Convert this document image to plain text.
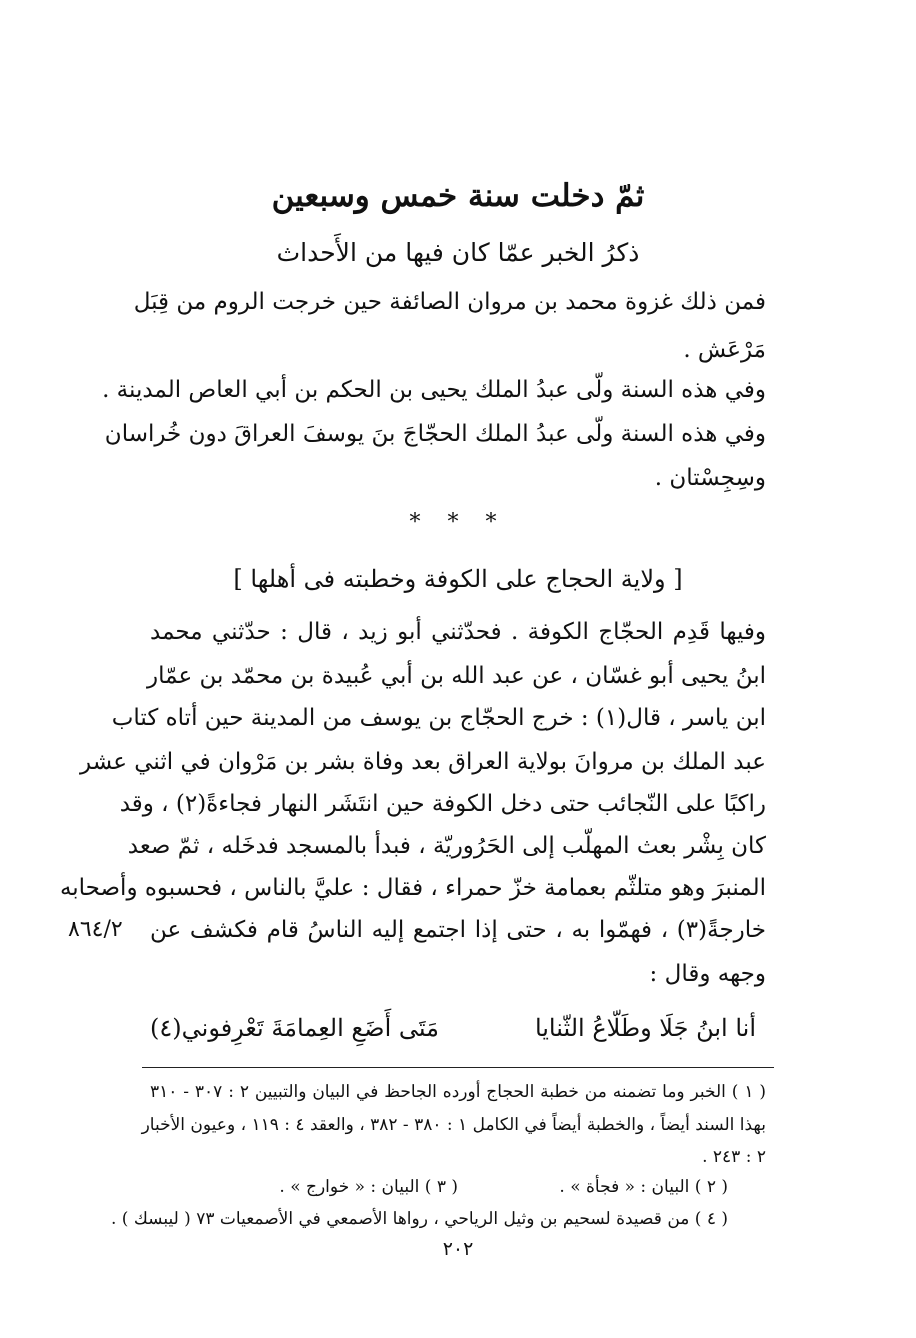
ثمّ دخلت سنة خمس وسبعين
ذكرُ الخبر عمّا كان فيها من الأَحداث
فمن ذلك غزوة محمد بن مروان الصائفة حين خرجت الروم من قِبَل
مَرْعَش .
وفي هذه السنة ولّى عبدُ الملك يحيى بن الحكم بن أبي العاص المدينة .
وفي هذه السنة ولّى عبدُ الملك الحجّاجَ بنَ يوسفَ العراقَ دون خُراسان
وسِجِسْتان .
* * *
[ ولاية الحجاج على الكوفة وخطبته فى أهلها ]
وفيها قَدِم الحجّاج الكوفة . فحدّثني أبو زيد ، قال : حدّثني محمد
ابنُ يحيى أبو غسّان ، عن عبد الله بن أبي عُبيدة بن محمّد بن عمّار
ابن ياسر ، قال(١) : خرج الحجّاج بن يوسف من المدينة حين أتاه كتاب
عبد الملك بن مروانَ بولاية العراق بعد وفاة بشر بن مَرْوان في اثني عشر
راكبًا على النّجائب حتى دخل الكوفة حين انتَشَر النهار فجاءةً(٢) ، وقد
كان بِشْر بعث المهلّب إلى الحَرُوريّة ، فبدأ بالمسجد فدخَله ، ثمّ صعد
المنبرَ وهو متلثّم بعمامة خزّ حمراء ، فقال : عليَّ بالناس ، فحسبوه وأصحابه
خارجةً(٣) ، فهمّوا به ، حتى إذا اجتمع إليه الناسُ قام فكشف عن
وجهه وقال :
٨٦٤/٢
أنا ابنُ جَلَا وطَلّاعُ الثّنايا
مَتَى أَضَعِ العِمامَةَ تَعْرِفوني(٤)
( ١ ) الخبر وما تضمنه من خطبة الحجاج أورده الجاحظ في البيان والتبيين ٢ : ٣٠٧ - ٣١٠
بهذا السند أيضاً ، والخطبة أيضاً في الكامل ١ : ٣٨٠ - ٣٨٢ ، والعقد ٤ : ١١٩ ، وعيون الأخبار
٢ : ٢٤٣ .
( ٢ ) البيان : « فجأة » .
( ٣ ) البيان : « خوارج » .
( ٤ ) من قصيدة لسحيم بن وثيل الرياحي ، رواها الأصمعي في الأصمعيات ٧٣ ( ليبسك ) .
٢٠٢
